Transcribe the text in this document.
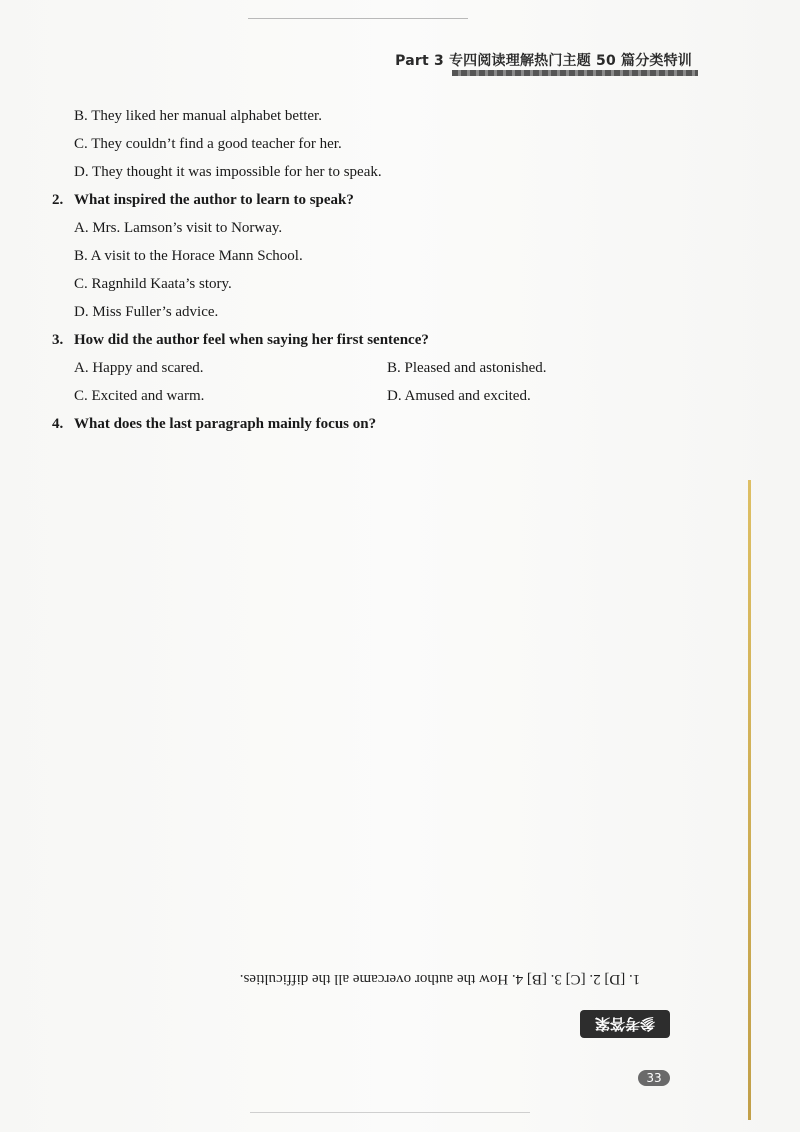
Part 3 专四阅读理解热门主题 50 篇分类特训
B. They liked her manual alphabet better.
C. They couldn’t find a good teacher for her.
D. They thought it was impossible for her to speak.
2. What inspired the author to learn to speak?
A. Mrs. Lamson’s visit to Norway.
B. A visit to the Horace Mann School.
C. Ragnhild Kaata’s story.
D. Miss Fuller’s advice.
3. How did the author feel when saying her first sentence?
A. Happy and scared.	B. Pleased and astonished.
C. Excited and warm.	D. Amused and excited.
4. What does the last paragraph mainly focus on?
1. [D] 2. [C] 3. [B] 4. How the author overcame all the difficulties.
参考答案
33
